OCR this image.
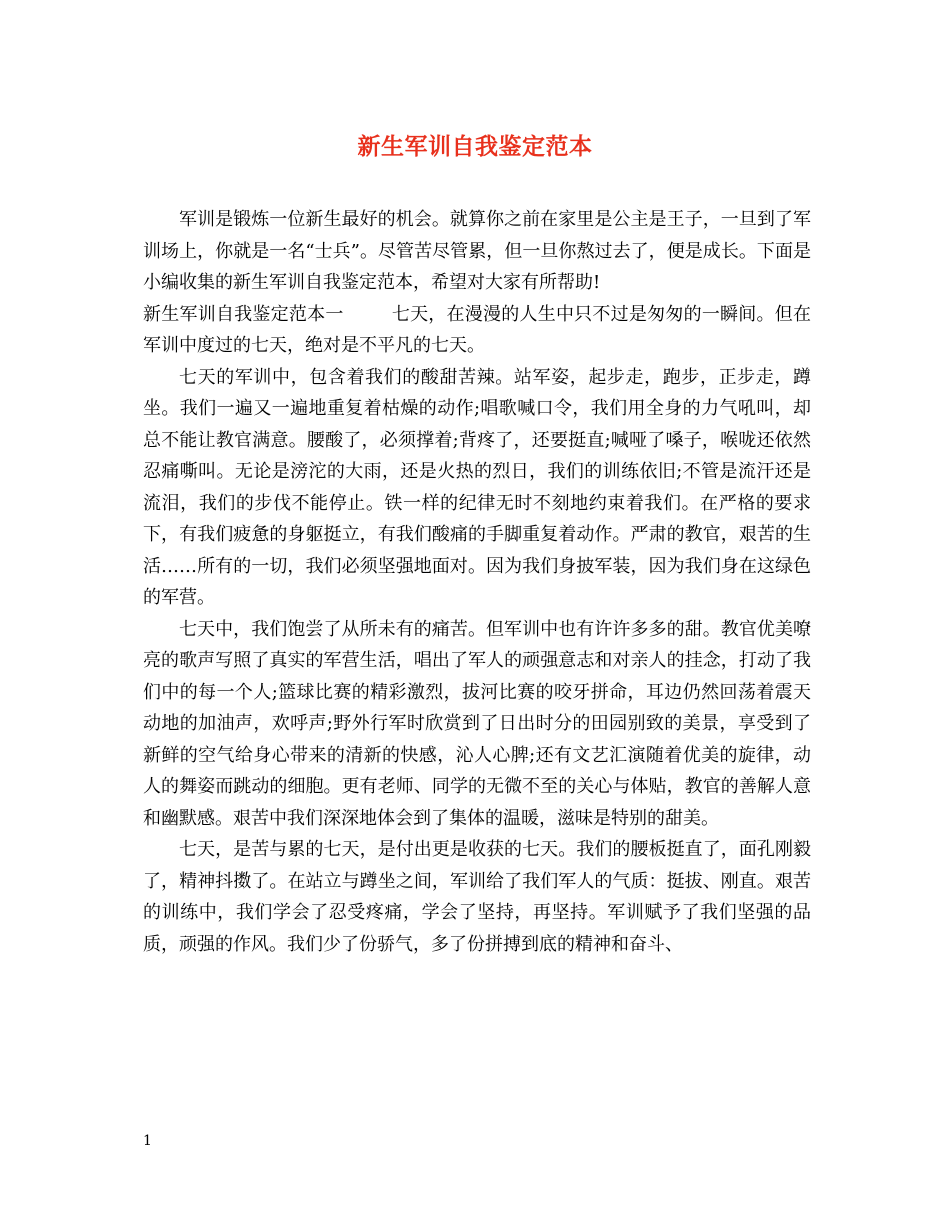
新生军训自我鉴定范本

军训是锻炼一位新生最好的机会。就算你之前在家里是公主是王子，一旦到了军训场上，你就是一名“士兵”。尽管苦尽管累，但一旦你熬过去了，便是成长。下面是小编收集的新生军训自我鉴定范本，希望对大家有所帮助!

新生军训自我鉴定范本一	七天，在漫漫的人生中只不过是匆匆的一瞬间。但在军训中度过的七天，绝对是不平凡的七天。

七天的军训中，包含着我们的酸甜苦辣。站军姿，起步走，跑步，正步走，蹲坐。我们一遍又一遍地重复着枯燥的动作;唱歌喊口令，我们用全身的力气吼叫，却总不能让教官满意。腰酸了，必须撑着;背疼了，还要挺直;喊哑了嗓子，喉咙还依然忍痛嘶叫。无论是滂沱的大雨，还是火热的烈日，我们的训练依旧;不管是流汗还是流泪，我们的步伐不能停止。铁一样的纪律无时不刻地约束着我们。在严格的要求下，有我们疲惫的身躯挺立，有我们酸痛的手脚重复着动作。严肃的教官，艰苦的生活……所有的一切，我们必须坚强地面对。因为我们身披军装，因为我们身在这绿色的军营。

七天中，我们饱尝了从所未有的痛苦。但军训中也有许许多多的甜。教官优美嘹亮的歌声写照了真实的军营生活，唱出了军人的顽强意志和对亲人的挂念，打动了我们中的每一个人;篮球比赛的精彩激烈，拔河比赛的咬牙拼命，耳边仍然回荡着震天动地的加油声，欢呼声;野外行军时欣赏到了日出时分的田园别致的美景，享受到了新鲜的空气给身心带来的清新的快感，沁人心脾;还有文艺汇演随着优美的旋律，动人的舞姿而跳动的细胞。更有老师、同学的无微不至的关心与体贴，教官的善解人意和幽默感。艰苦中我们深深地体会到了集体的温暖，滋味是特别的甜美。

七天，是苦与累的七天，是付出更是收获的七天。我们的腰板挺直了，面孔刚毅了，精神抖擞了。在站立与蹲坐之间，军训给了我们军人的气质：挺拔、刚直。艰苦的训练中，我们学会了忍受疼痛，学会了坚持，再坚持。军训赋予了我们坚强的品质，顽强的作风。我们少了份骄气，多了份拼搏到底的精神和奋斗、

1
